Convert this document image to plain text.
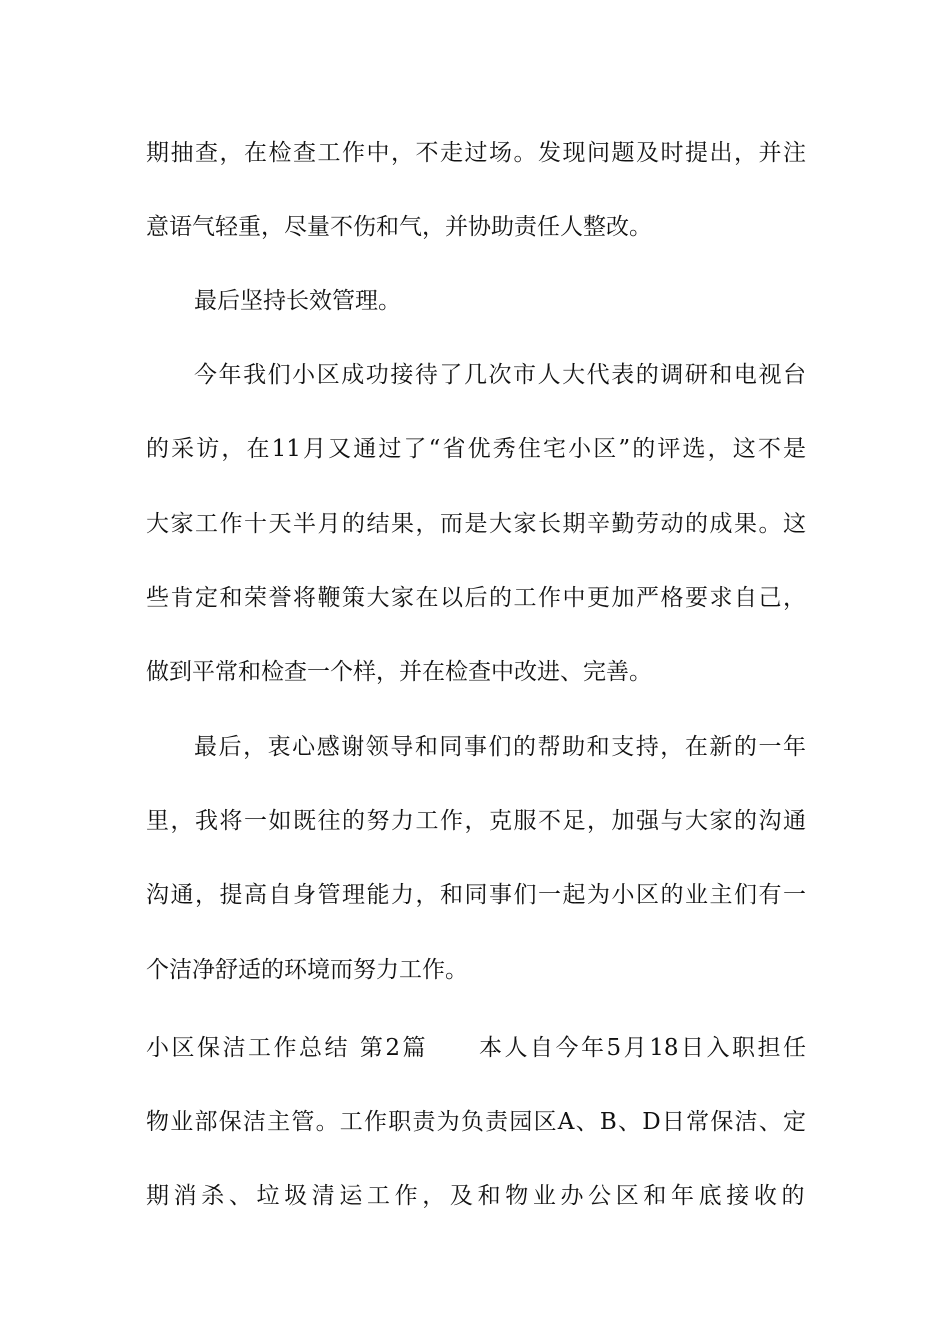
期抽查，在检查工作中，不走过场。发现问题及时提出，并注
意语气轻重，尽量不伤和气，并协助责任人整改。
最后坚持长效管理。
今年我们小区成功接待了几次市人大代表的调研和电视台
的采访，在11月又通过了“省优秀住宅小区”的评选，这不是
大家工作十天半月的结果，而是大家长期辛勤劳动的成果。这
些肯定和荣誉将鞭策大家在以后的工作中更加严格要求自己，
做到平常和检查一个样，并在检查中改进、完善。
最后，衷心感谢领导和同事们的帮助和支持，在新的一年
里，我将一如既往的努力工作，克服不足，加强与大家的沟通
沟通，提高自身管理能力，和同事们一起为小区的业主们有一
个洁净舒适的环境而努力工作。
小区保洁工作总结 第2篇　　本人自今年5月18日入职担任
物业部保洁主管。工作职责为负责园区A、B、D日常保洁、定
期消杀、垃圾清运工作，及和物业办公区和年底接收的
